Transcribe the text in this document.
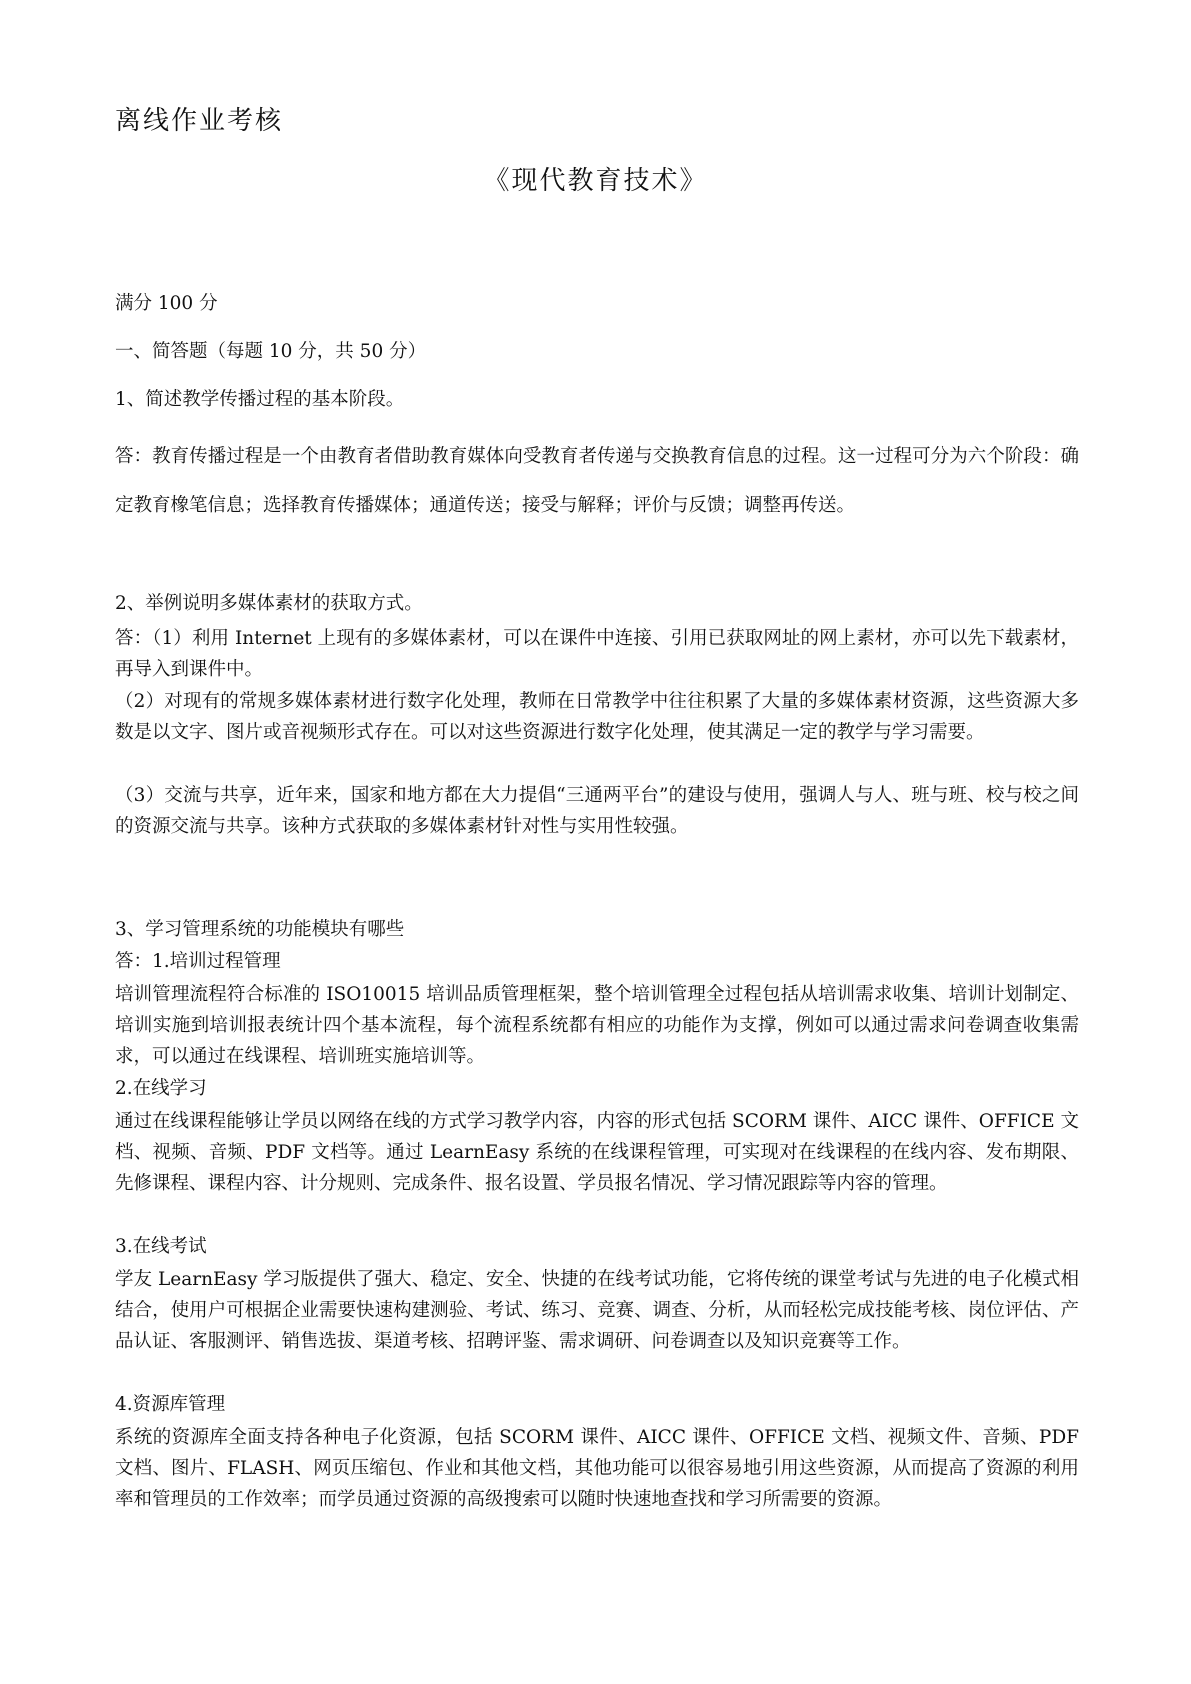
离线作业考核

《现代教育技术》

满分 100 分

一、简答题（每题 10 分，共 50 分）

1、简述教学传播过程的基本阶段。

答：教育传播过程是一个由教育者借助教育媒体向受教育者传递与交换教育信息的过程。这一过程可分为六个阶段：确定教育橡笔信息；选择教育传播媒体；通道传送；接受与解释；评价与反馈；调整再传送。

2、举例说明多媒体素材的获取方式。

答：（1）利用 Internet 上现有的多媒体素材，可以在课件中连接、引用已获取网址的网上素材，亦可以先下载素材，再导入到课件中。

（2）对现有的常规多媒体素材进行数字化处理，教师在日常教学中往往积累了大量的多媒体素材资源，这些资源大多数是以文字、图片或音视频形式存在。可以对这些资源进行数字化处理，使其满足一定的教学与学习需要。

（3）交流与共享，近年来，国家和地方都在大力提倡“三通两平台”的建设与使用，强调人与人、班与班、校与校之间的资源交流与共享。该种方式获取的多媒体素材针对性与实用性较强。

3、学习管理系统的功能模块有哪些

答：1.培训过程管理

培训管理流程符合标准的 ISO10015 培训品质管理框架，整个培训管理全过程包括从培训需求收集、培训计划制定、培训实施到培训报表统计四个基本流程，每个流程系统都有相应的功能作为支撑，例如可以通过需求问卷调查收集需求，可以通过在线课程、培训班实施培训等。

2.在线学习

通过在线课程能够让学员以网络在线的方式学习教学内容，内容的形式包括 SCORM 课件、AICC 课件、OFFICE 文档、视频、音频、PDF 文档等。通过 LearnEasy 系统的在线课程管理，可实现对在线课程的在线内容、发布期限、先修课程、课程内容、计分规则、完成条件、报名设置、学员报名情况、学习情况跟踪等内容的管理。

3.在线考试

学友 LearnEasy 学习版提供了强大、稳定、安全、快捷的在线考试功能，它将传统的课堂考试与先进的电子化模式相结合，使用户可根据企业需要快速构建测验、考试、练习、竞赛、调查、分析，从而轻松完成技能考核、岗位评估、产品认证、客服测评、销售选拔、渠道考核、招聘评鉴、需求调研、问卷调查以及知识竞赛等工作。

4.资源库管理

系统的资源库全面支持各种电子化资源，包括 SCORM 课件、AICC 课件、OFFICE 文档、视频文件、音频、PDF 文档、图片、FLASH、网页压缩包、作业和其他文档，其他功能可以很容易地引用这些资源，从而提高了资源的利用率和管理员的工作效率；而学员通过资源的高级搜索可以随时快速地查找和学习所需要的资源。
